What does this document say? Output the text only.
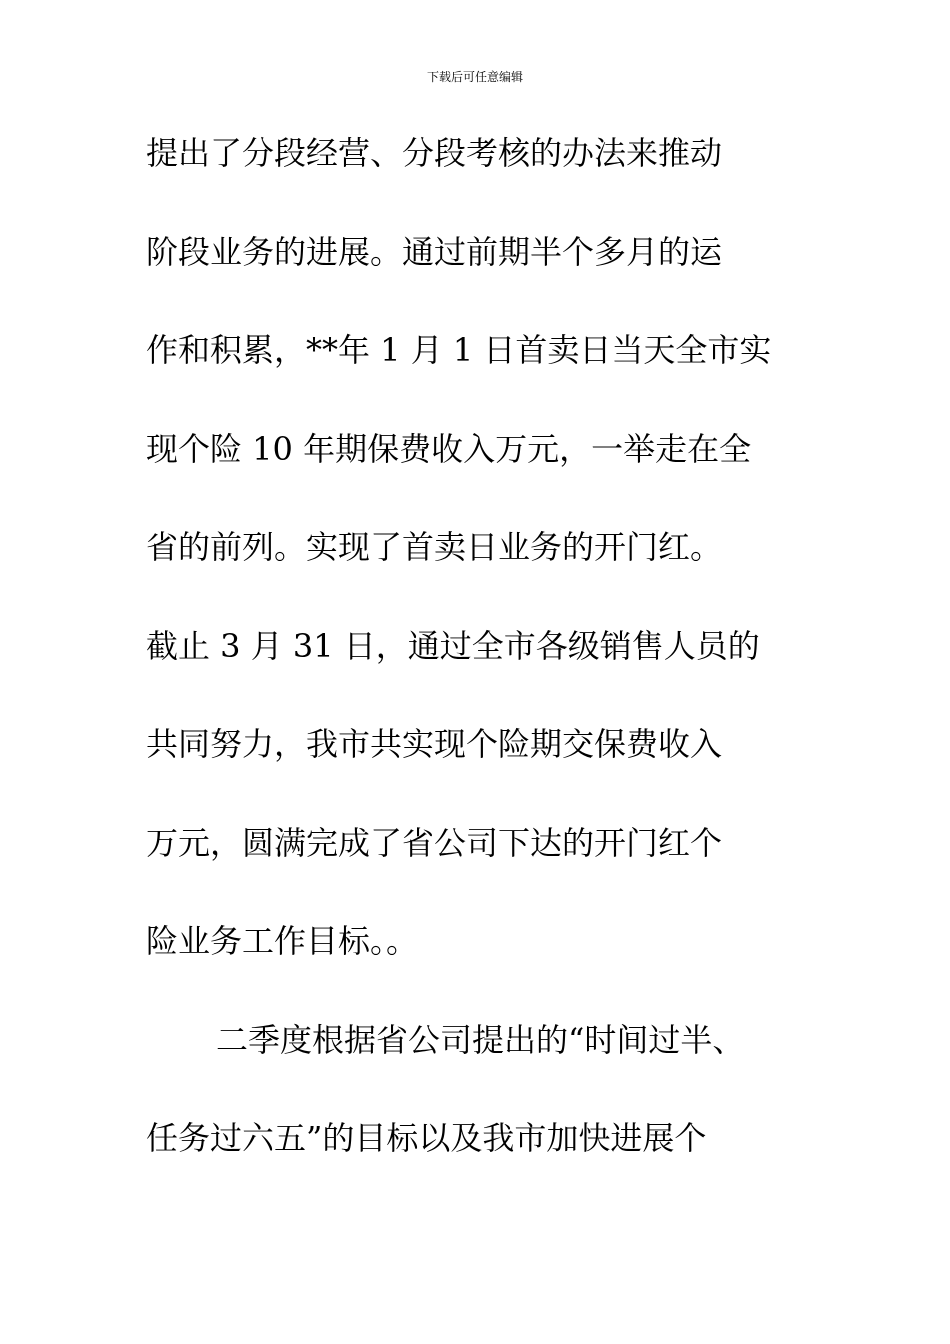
下载后可任意编辑
提出了分段经营、分段考核的办法来推动
阶段业务的进展。通过前期半个多月的运
作和积累，**年 1 月 1 日首卖日当天全市实
现个险 10 年期保费收入万元，一举走在全
省的前列。实现了首卖日业务的开门红。
截止 3 月 31 日，通过全市各级销售人员的
共同努力，我市共实现个险期交保费收入
万元，圆满完成了省公司下达的开门红个
险业务工作目标。。
二季度根据省公司提出的“时间过半、
任务过六五”的目标以及我市加快进展个
